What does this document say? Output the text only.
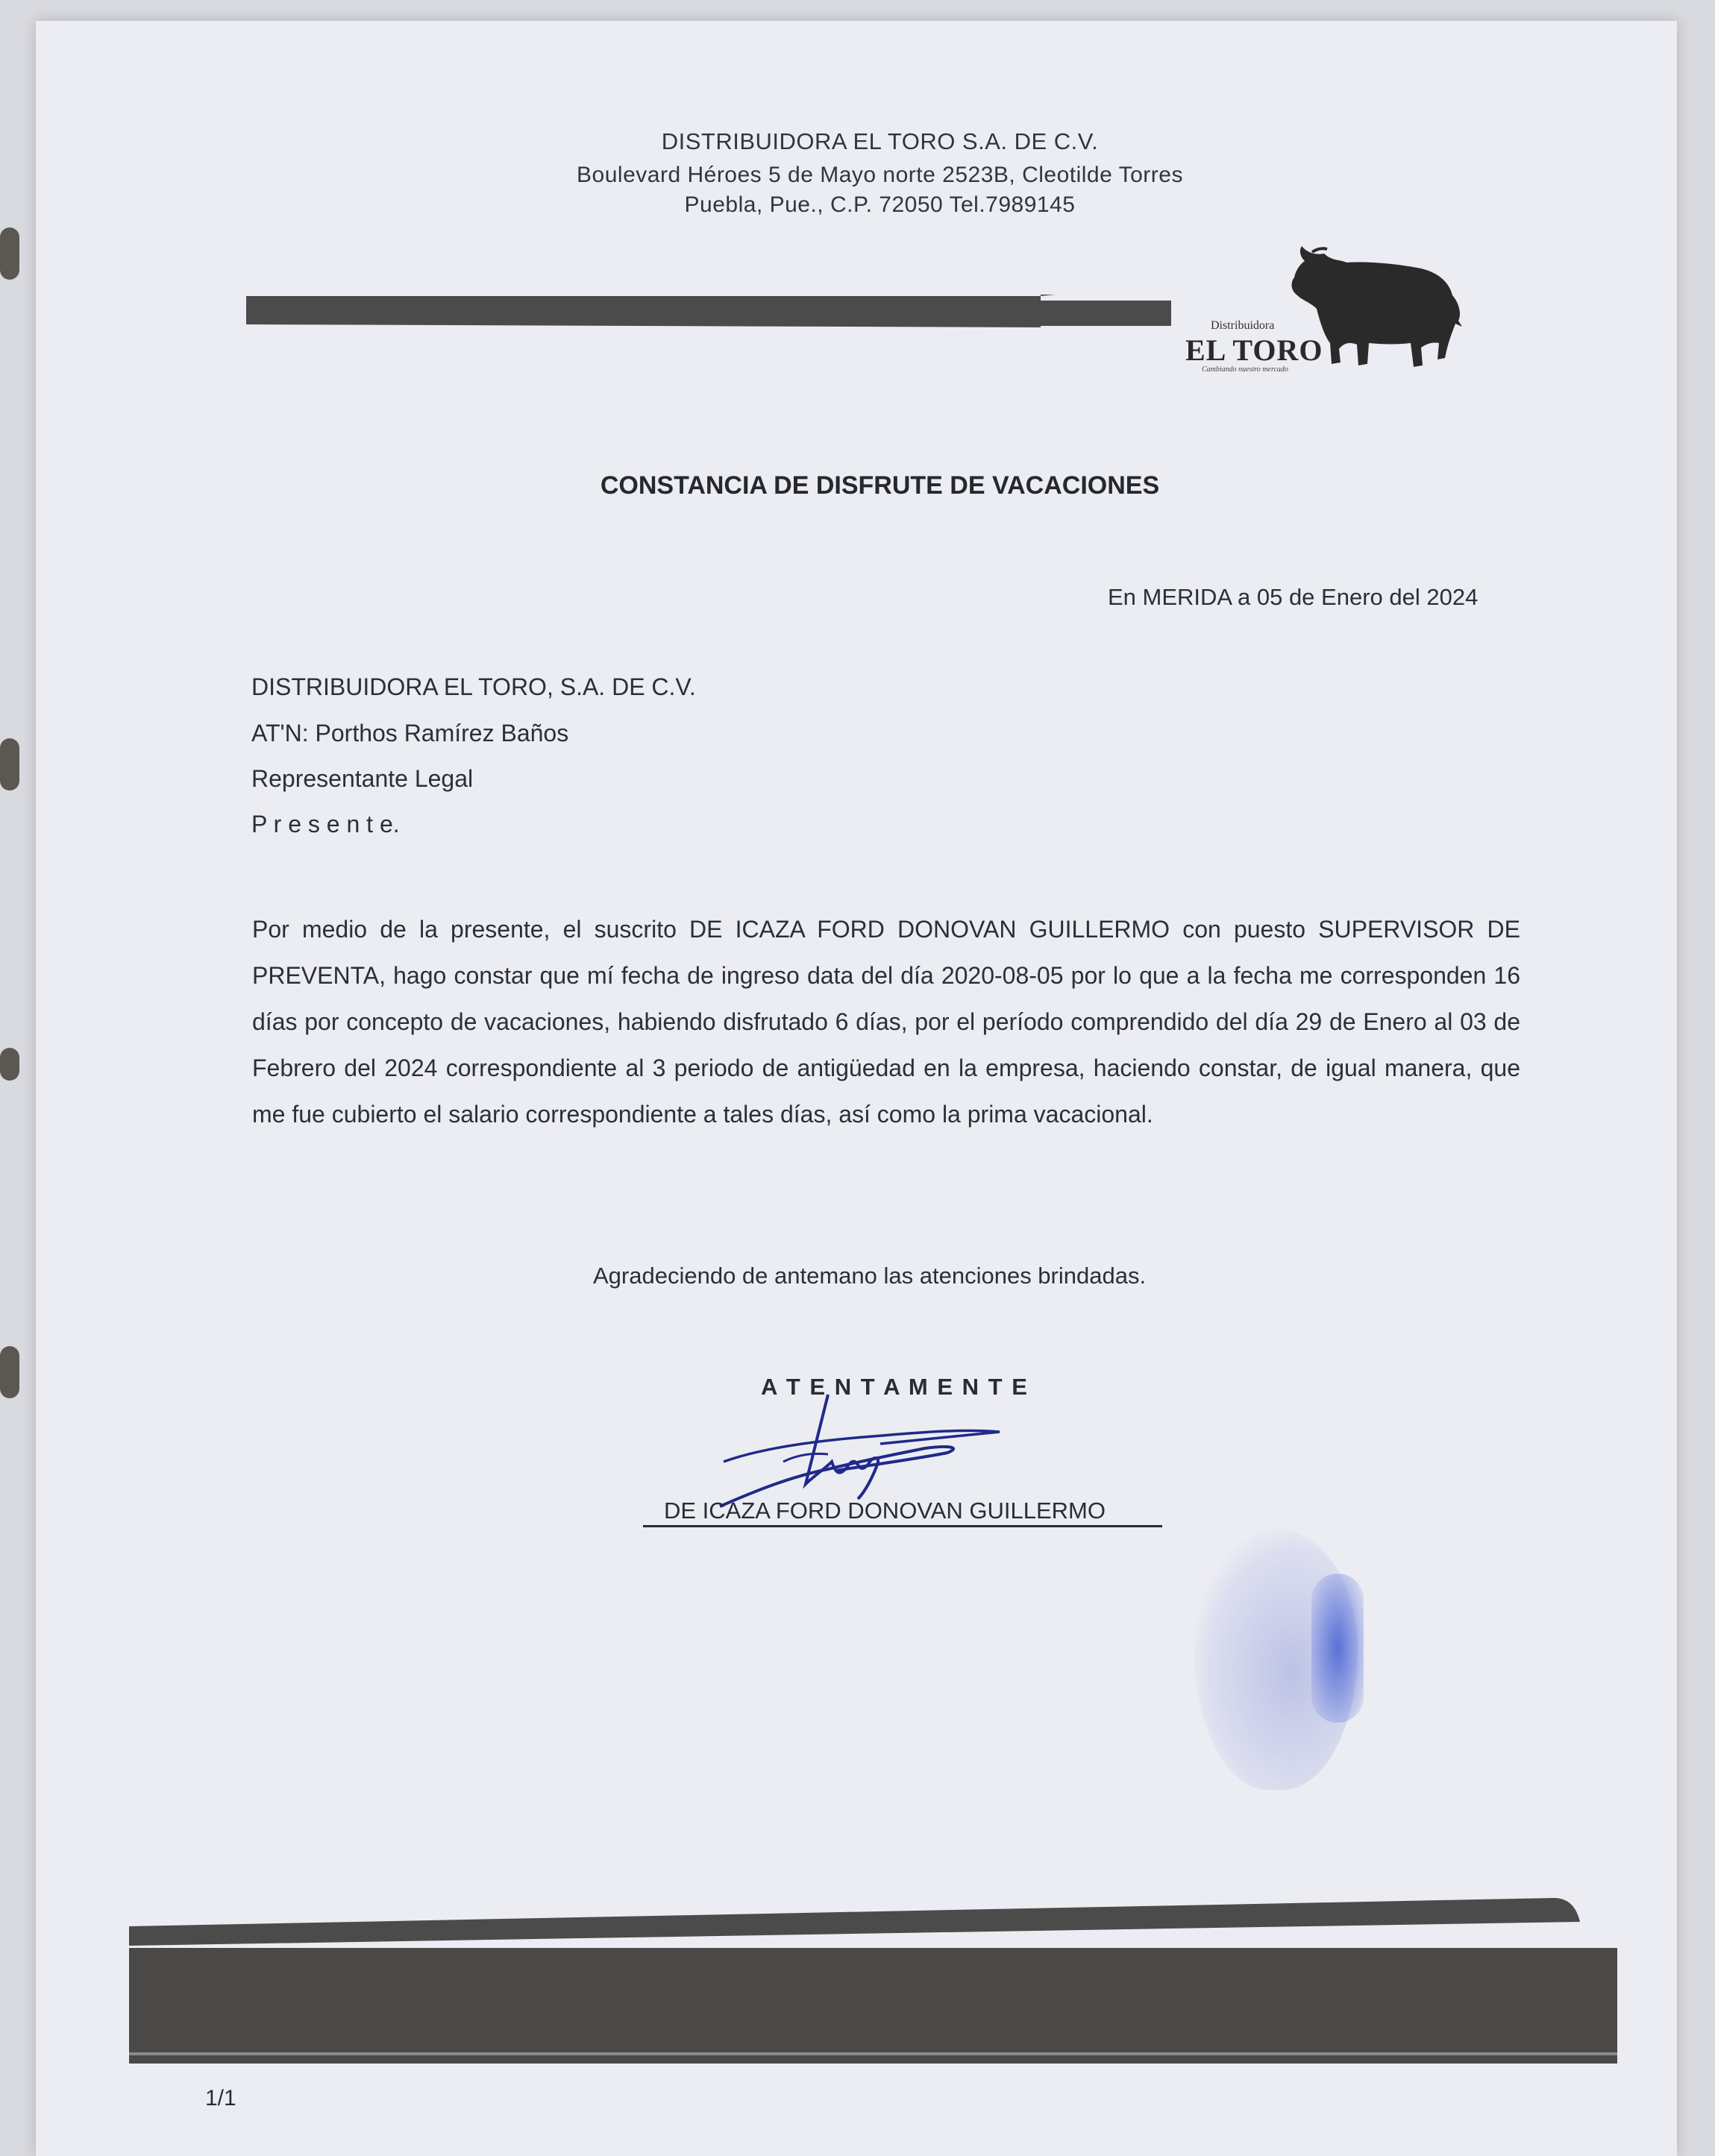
DISTRIBUIDORA EL TORO S.A. DE C.V.
Boulevard Héroes 5 de Mayo norte 2523B, Cleotilde Torres
Puebla, Pue., C.P. 72050 Tel.7989145
Distribuidora
EL TORO
Cambiando nuestro mercado
CONSTANCIA DE DISFRUTE DE VACACIONES
En MERIDA a 05 de Enero del 2024
DISTRIBUIDORA EL TORO, S.A. DE C.V.
AT'N: Porthos Ramírez Baños
Representante Legal
P r e s e n t e.
Por medio de la presente, el suscrito DE ICAZA FORD DONOVAN GUILLERMO con puesto SUPERVISOR DE PREVENTA, hago constar que mí fecha de ingreso data del día 2020-08-05 por lo que a la fecha me corresponden 16 días por concepto de vacaciones, habiendo disfrutado 6 días, por el período comprendido del día 29 de Enero al 03 de Febrero del 2024 correspondiente al 3 periodo de antigüedad en la empresa, haciendo constar, de igual manera, que me fue cubierto el salario correspondiente a tales días, así como la prima vacacional.
Agradeciendo de antemano las atenciones brindadas.
A T E N T A M E N T E
DE ICAZA FORD DONOVAN GUILLERMO
1/1
